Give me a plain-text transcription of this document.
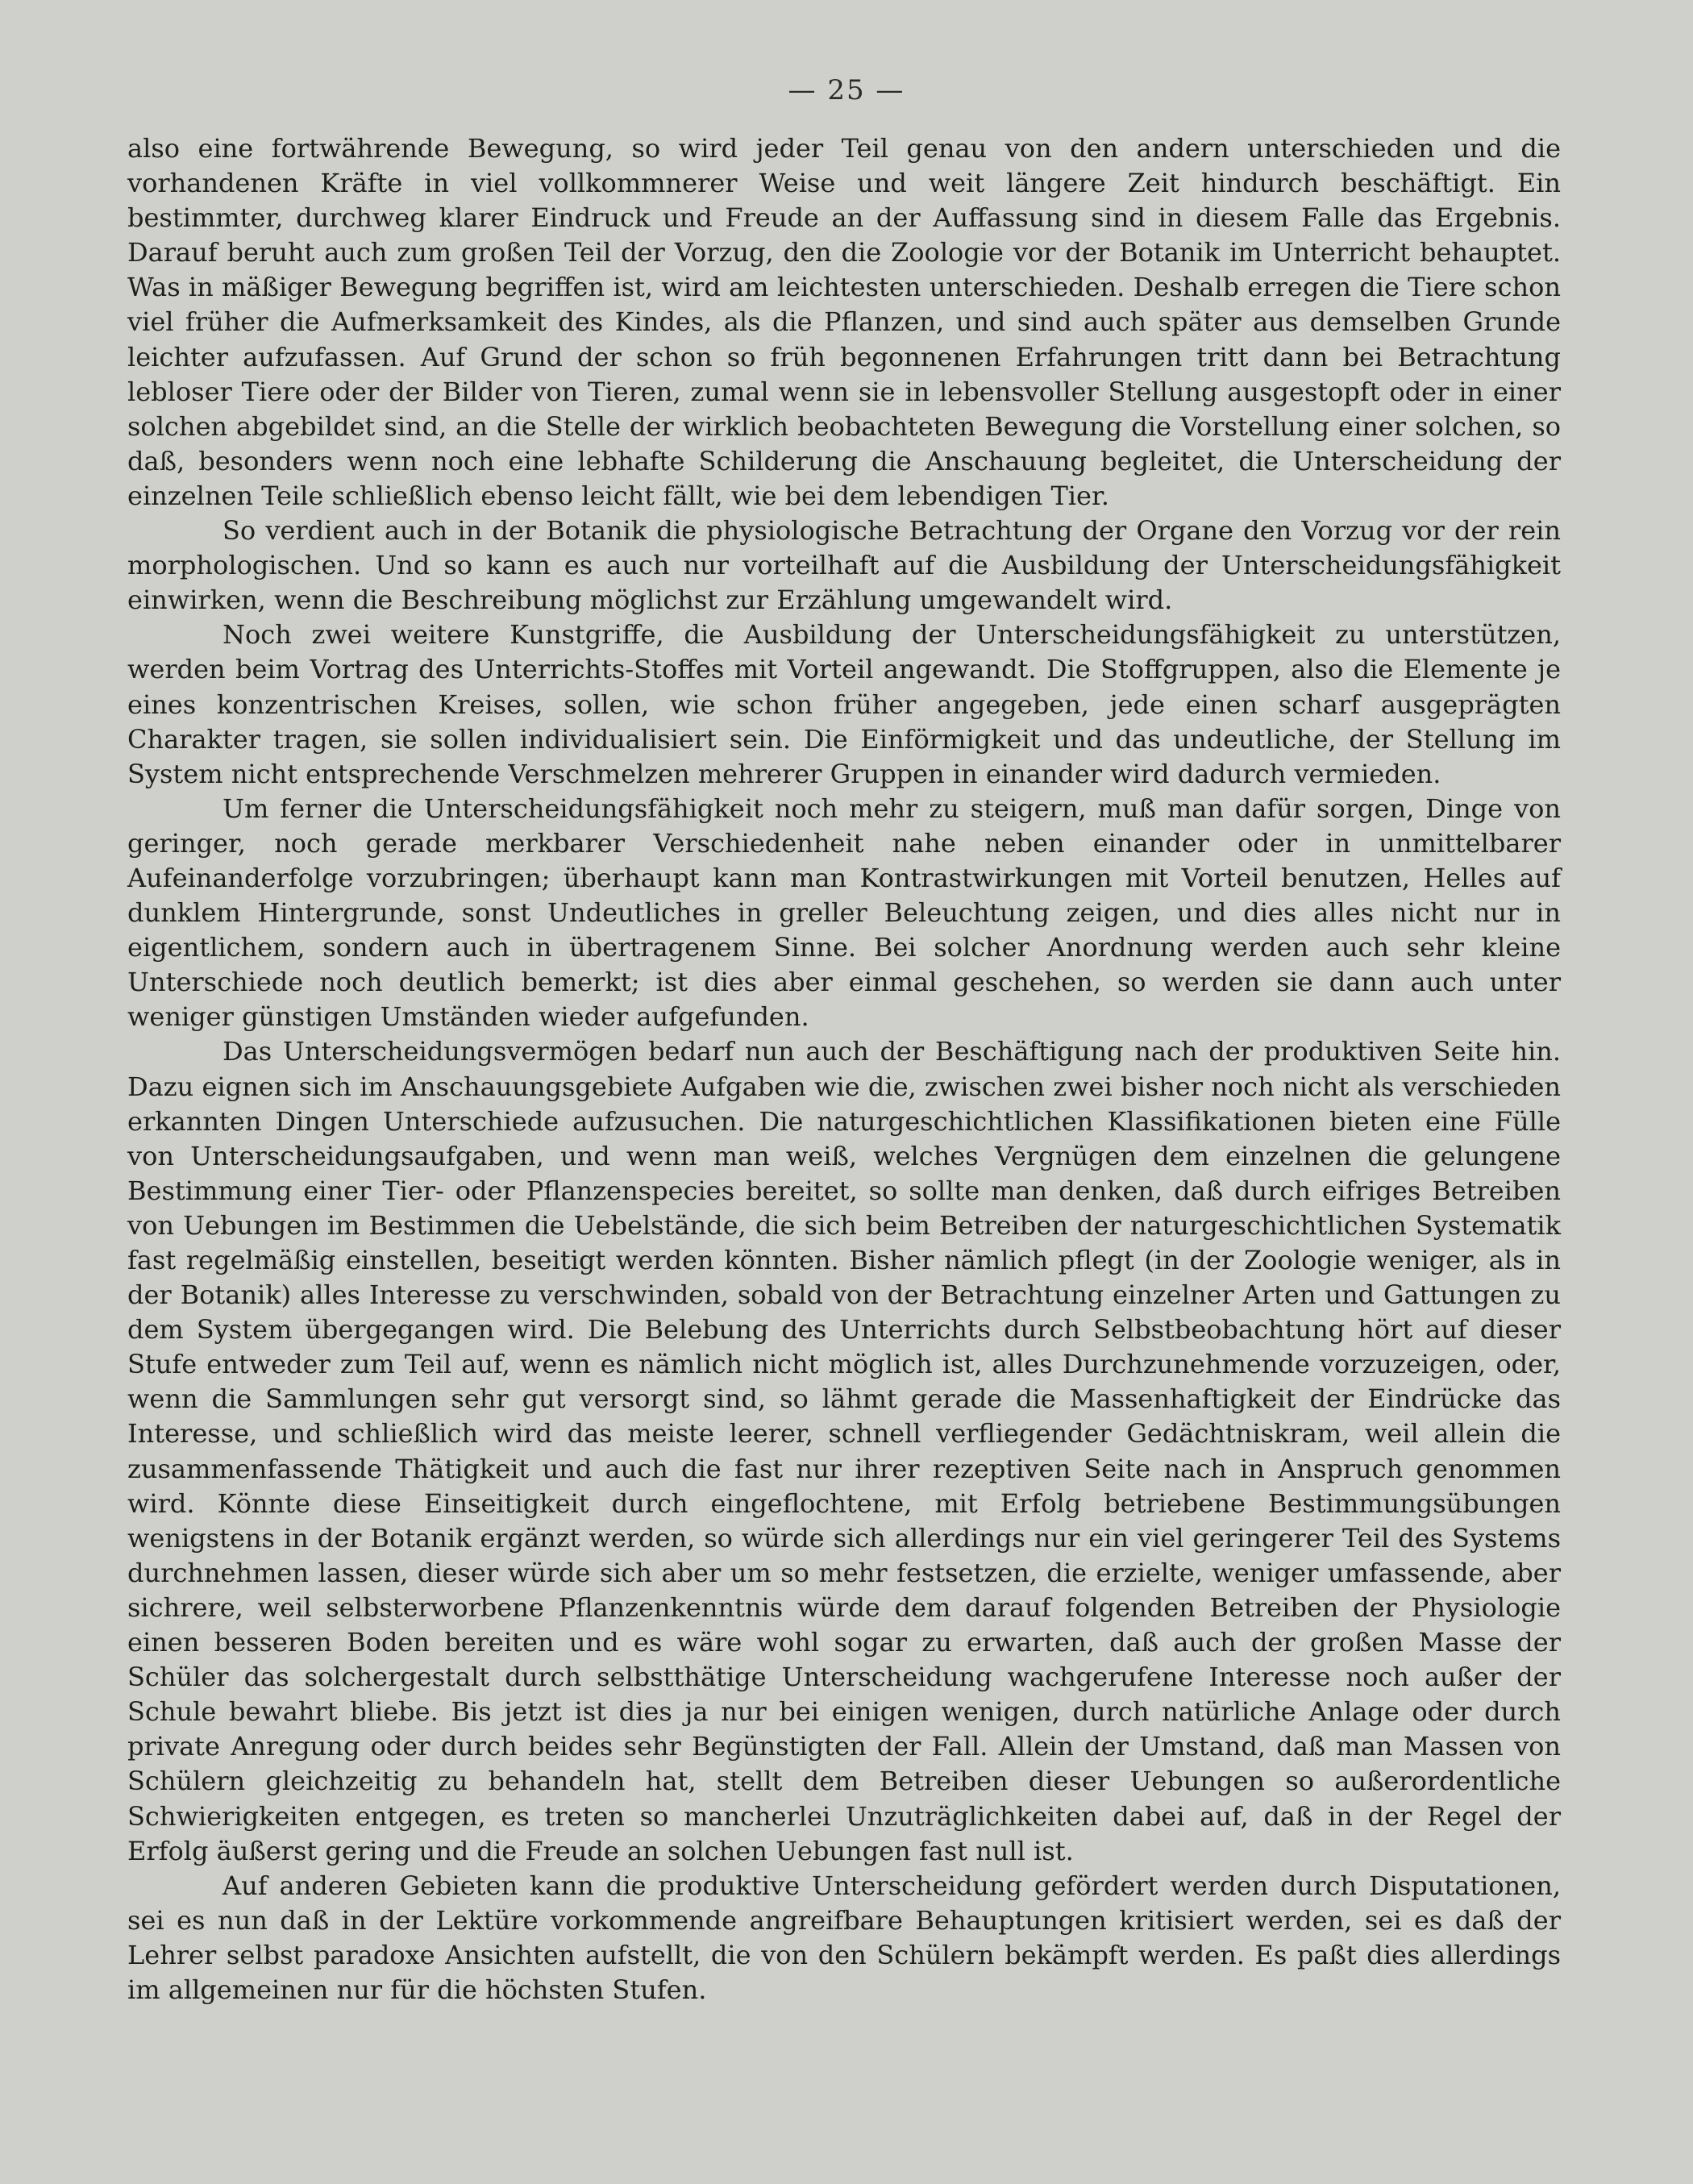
— 25 —

also eine fortwährende Bewegung, so wird jeder Teil genau von den andern unterschieden und die vorhandenen Kräfte in viel vollkommnerer Weise und weit längere Zeit hindurch beschäftigt. Ein bestimmter, durchweg klarer Eindruck und Freude an der Auffassung sind in diesem Falle das Ergebnis. Darauf beruht auch zum großen Teil der Vorzug, den die Zoologie vor der Botanik im Unterricht behauptet. Was in mäßiger Bewegung begriffen ist, wird am leichtesten unterschieden. Deshalb erregen die Tiere schon viel früher die Aufmerksamkeit des Kindes, als die Pflanzen, und sind auch später aus demselben Grunde leichter aufzufassen. Auf Grund der schon so früh begonnenen Erfahrungen tritt dann bei Betrachtung lebloser Tiere oder der Bilder von Tieren, zumal wenn sie in lebensvoller Stellung ausgestopft oder in einer solchen abgebildet sind, an die Stelle der wirklich beobachteten Bewegung die Vorstellung einer solchen, so daß, besonders wenn noch eine lebhafte Schilderung die Anschauung begleitet, die Unterscheidung der einzelnen Teile schließlich ebenso leicht fällt, wie bei dem lebendigen Tier.

So verdient auch in der Botanik die physiologische Betrachtung der Organe den Vorzug vor der rein morphologischen. Und so kann es auch nur vorteilhaft auf die Ausbildung der Unterscheidungsfähigkeit einwirken, wenn die Beschreibung möglichst zur Erzählung umgewandelt wird.

Noch zwei weitere Kunstgriffe, die Ausbildung der Unterscheidungsfähigkeit zu unterstützen, werden beim Vortrag des Unterrichts-Stoffes mit Vorteil angewandt. Die Stoffgruppen, also die Elemente je eines konzentrischen Kreises, sollen, wie schon früher angegeben, jede einen scharf ausgeprägten Charakter tragen, sie sollen individualisiert sein. Die Einförmigkeit und das undeutliche, der Stellung im System nicht entsprechende Verschmelzen mehrerer Gruppen in einander wird dadurch vermieden.

Um ferner die Unterscheidungsfähigkeit noch mehr zu steigern, muß man dafür sorgen, Dinge von geringer, noch gerade merkbarer Verschiedenheit nahe neben einander oder in unmittelbarer Aufeinanderfolge vorzubringen; überhaupt kann man Kontrastwirkungen mit Vorteil benutzen, Helles auf dunklem Hintergrunde, sonst Undeutliches in greller Beleuchtung zeigen, und dies alles nicht nur in eigentlichem, sondern auch in übertragenem Sinne. Bei solcher Anordnung werden auch sehr kleine Unterschiede noch deutlich bemerkt; ist dies aber einmal geschehen, so werden sie dann auch unter weniger günstigen Umständen wieder aufgefunden.

Das Unterscheidungsvermögen bedarf nun auch der Beschäftigung nach der produktiven Seite hin. Dazu eignen sich im Anschauungsgebiete Aufgaben wie die, zwischen zwei bisher noch nicht als verschieden erkannten Dingen Unterschiede aufzusuchen. Die naturgeschichtlichen Klassifikationen bieten eine Fülle von Unterscheidungsaufgaben, und wenn man weiß, welches Vergnügen dem einzelnen die gelungene Bestimmung einer Tier- oder Pflanzenspecies bereitet, so sollte man denken, daß durch eifriges Betreiben von Uebungen im Bestimmen die Uebelstände, die sich beim Betreiben der naturgeschichtlichen Systematik fast regelmäßig einstellen, beseitigt werden könnten. Bisher nämlich pflegt (in der Zoologie weniger, als in der Botanik) alles Interesse zu verschwinden, sobald von der Betrachtung einzelner Arten und Gattungen zu dem System übergegangen wird. Die Belebung des Unterrichts durch Selbstbeobachtung hört auf dieser Stufe entweder zum Teil auf, wenn es nämlich nicht möglich ist, alles Durchzunehmende vorzuzeigen, oder, wenn die Sammlungen sehr gut versorgt sind, so lähmt gerade die Massenhaftigkeit der Eindrücke das Interesse, und schließlich wird das meiste leerer, schnell verfliegender Gedächtniskram, weil allein die zusammenfassende Thätigkeit und auch die fast nur ihrer rezeptiven Seite nach in Anspruch genommen wird. Könnte diese Einseitigkeit durch eingeflochtene, mit Erfolg betriebene Bestimmungsübungen wenigstens in der Botanik ergänzt werden, so würde sich allerdings nur ein viel geringerer Teil des Systems durchnehmen lassen, dieser würde sich aber um so mehr festsetzen, die erzielte, weniger umfassende, aber sichrere, weil selbsterworbene Pflanzenkenntnis würde dem darauf folgenden Betreiben der Physiologie einen besseren Boden bereiten und es wäre wohl sogar zu erwarten, daß auch der großen Masse der Schüler das solchergestalt durch selbstthätige Unterscheidung wachgerufene Interesse noch außer der Schule bewahrt bliebe. Bis jetzt ist dies ja nur bei einigen wenigen, durch natürliche Anlage oder durch private Anregung oder durch beides sehr Begünstigten der Fall. Allein der Umstand, daß man Massen von Schülern gleichzeitig zu behandeln hat, stellt dem Betreiben dieser Uebungen so außerordentliche Schwierigkeiten entgegen, es treten so mancherlei Unzuträglichkeiten dabei auf, daß in der Regel der Erfolg äußerst gering und die Freude an solchen Uebungen fast null ist.

Auf anderen Gebieten kann die produktive Unterscheidung gefördert werden durch Disputationen, sei es nun daß in der Lektüre vorkommende angreifbare Behauptungen kritisiert werden, sei es daß der Lehrer selbst paradoxe Ansichten aufstellt, die von den Schülern bekämpft werden. Es paßt dies allerdings im allgemeinen nur für die höchsten Stufen.
